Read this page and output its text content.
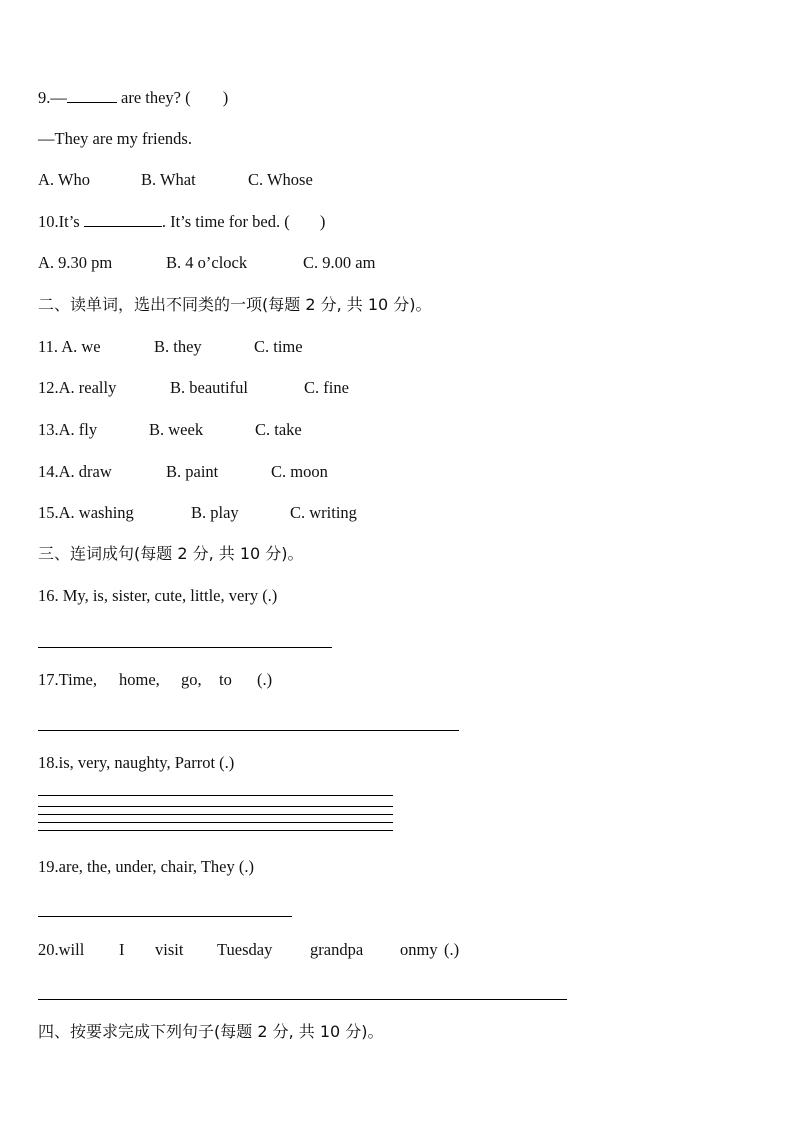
9.—	are they? ( )
—They are my friends.
A. Who	B. What	C. Whose
10.It’s	. It’s time for bed. ( )
A. 9.30 pm	B. 4 o’clock	C. 9.00 am
二、读单词，选出不同类的一项(每题 2 分, 共 10 分)。
11. A. we	B. they	C. time
12.A. really	B. beautiful	C. fine
13.A. fly	B. week	C. take
14.A. draw	B. paint	C. moon
15.A. washing	B. play	C. writing
三、连词成句(每题 2 分, 共 10 分)。
16. My, is, sister, cute, little, very (.)
17.Time, home, go, to (.)
18.is, very, naughty, Parrot (.)
19.are, the, under, chair, They (.)
20.will I visit Tuesday grandpa onmy (.)
四、按要求完成下列句子(每题 2 分, 共 10 分)。
